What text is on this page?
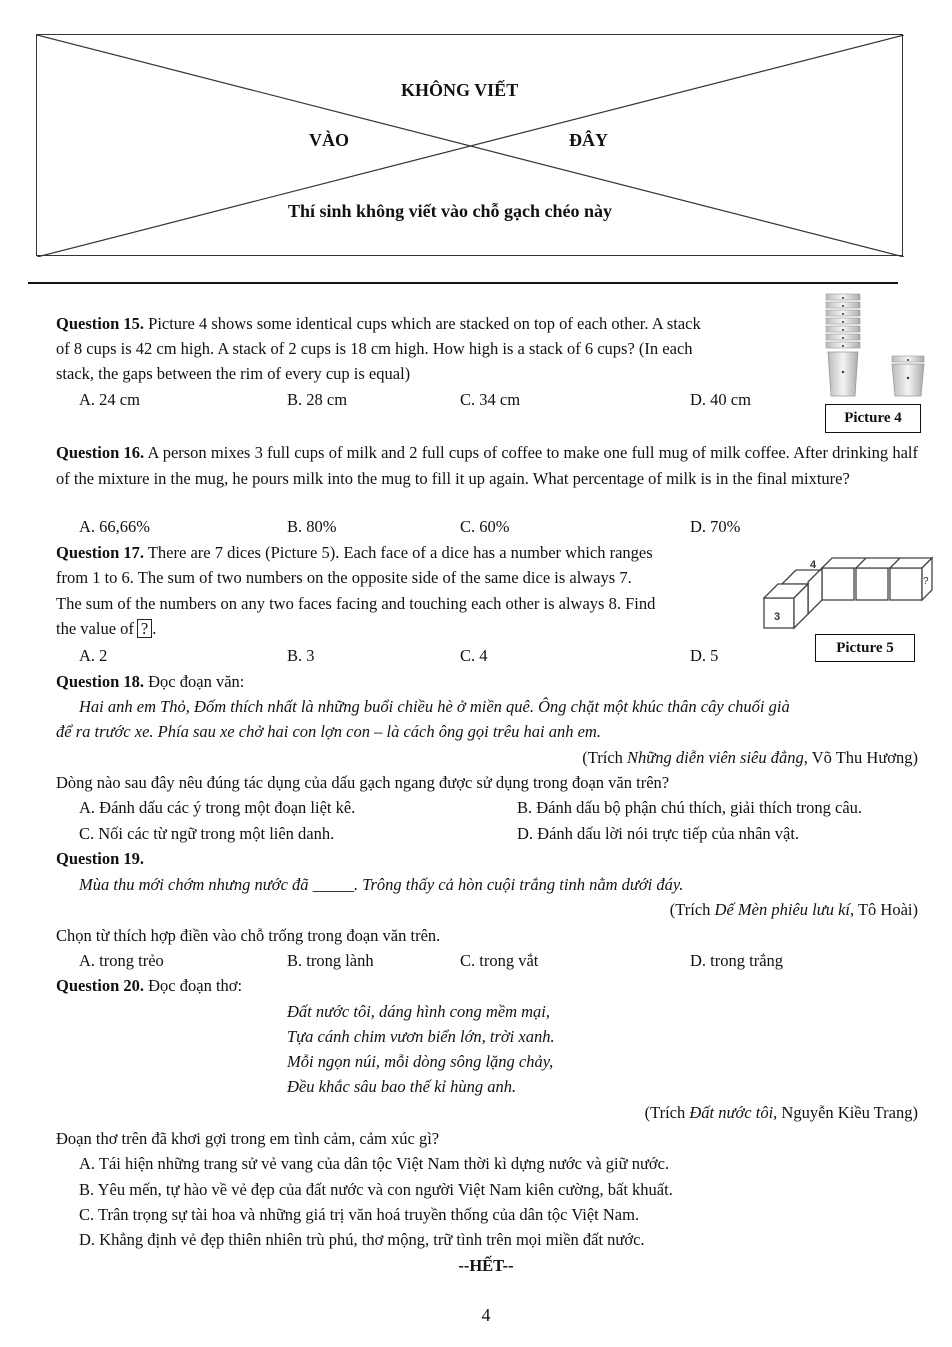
KHÔNG VIẾT
VÀO	ĐÂY
Thí sinh không viết vào chỗ gạch chéo này
Question 15. Picture 4 shows some identical cups which are stacked on top of each other. A stack
of 8 cups is 42 cm high. A stack of 2 cups is 18 cm high. How high is a stack of 6 cups? (In each
stack, the gaps between the rim of every cup is equal)
A. 24 cm	B. 28 cm	C. 34 cm	D. 40 cm
Picture 4
Question 16. A person mixes 3 full cups of milk and 2 full cups of coffee to make one full mug of milk coffee. After drinking half of the mixture in the mug, he pours milk into the mug to fill it up again. What percentage of milk is in the final mixture?
A. 66,66%	B. 80%	C. 60%	D. 70%
Question 17. There are 7 dices (Picture 5). Each face of a dice has a number which ranges
from 1 to 6. The sum of two numbers on the opposite side of the same dice is always 7.
The sum of the numbers on any two faces facing and touching each other is always 8. Find
the value of ? .
A. 2	B. 3	C. 4	D. 5
4
3
?
Picture 5
Question 18. Đọc đoạn văn:
Hai anh em Thỏ, Đốm thích nhất là những buổi chiều hè ở miền quê. Ông chặt một khúc thân cây chuối già
để ra trước xe. Phía sau xe chở hai con lợn con – là cách ông gọi trêu hai anh em.
(Trích Những diễn viên siêu đẳng, Võ Thu Hương)
Dòng nào sau đây nêu đúng tác dụng của dấu gạch ngang được sử dụng trong đoạn văn trên?
A. Đánh dấu các ý trong một đoạn liệt kê.	B. Đánh dấu bộ phận chú thích, giải thích trong câu.
C. Nối các từ ngữ trong một liên danh.	D. Đánh dấu lời nói trực tiếp của nhân vật.
Question 19.
Mùa thu mới chớm nhưng nước đã _____. Trông thấy cả hòn cuội trắng tinh nằm dưới đáy.
(Trích Dế Mèn phiêu lưu kí, Tô Hoài)
Chọn từ thích hợp điền vào chỗ trống trong đoạn văn trên.
A. trong trẻo	B. trong lành	C. trong vắt	D. trong trắng
Question 20. Đọc đoạn thơ:
Đất nước tôi, dáng hình cong mềm mại,
Tựa cánh chim vươn biển lớn, trời xanh.
Mỗi ngọn núi, mỗi dòng sông lặng chảy,
Đều khắc sâu bao thế kỉ hùng anh.
(Trích Đất nước tôi, Nguyễn Kiều Trang)
Đoạn thơ trên đã khơi gợi trong em tình cảm, cảm xúc gì?
A. Tái hiện những trang sử vẻ vang của dân tộc Việt Nam thời kì dựng nước và giữ nước.
B. Yêu mến, tự hào về vẻ đẹp của đất nước và con người Việt Nam kiên cường, bất khuất.
C. Trân trọng sự tài hoa và những giá trị văn hoá truyền thống của dân tộc Việt Nam.
D. Khẳng định vẻ đẹp thiên nhiên trù phú, thơ mộng, trữ tình trên mọi miền đất nước.
--HẾT--
4
